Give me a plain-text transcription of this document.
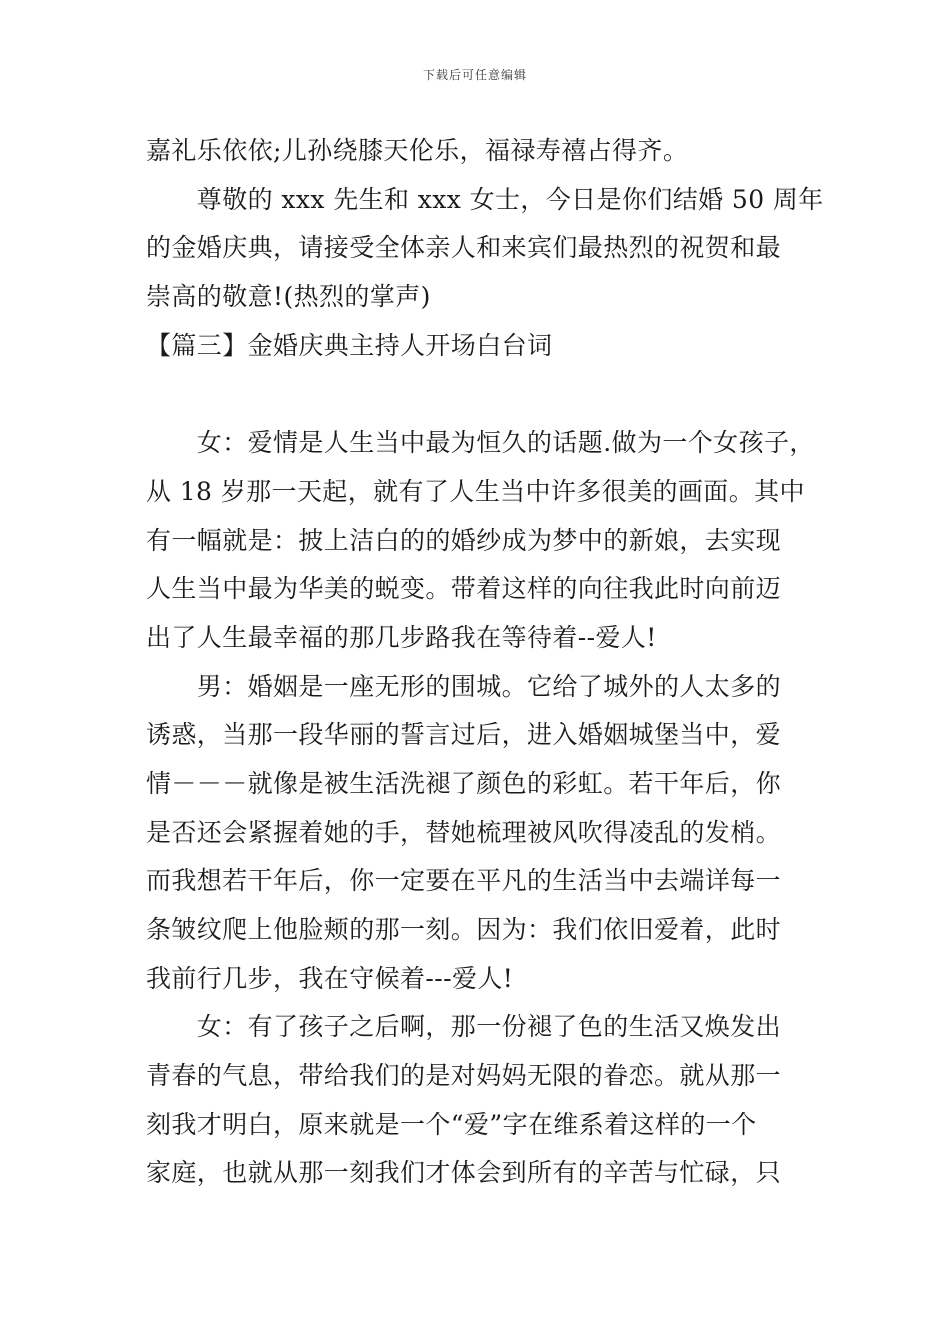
下载后可任意编辑
嘉礼乐依依;儿孙绕膝天伦乐，福禄寿禧占得齐。
　　尊敬的 xxx 先生和 xxx 女士，今日是你们结婚 50 周年
的金婚庆典，请接受全体亲人和来宾们最热烈的祝贺和最
崇高的敬意!(热烈的掌声)
【篇三】金婚庆典主持人开场白台词
　　女：爱情是人生当中最为恒久的话题.做为一个女孩子，
从 18 岁那一天起，就有了人生当中许多很美的画面。其中
有一幅就是：披上洁白的的婚纱成为梦中的新娘，去实现
人生当中最为华美的蜕变。带着这样的向往我此时向前迈
出了人生最幸福的那几步路我在等待着--爱人!
　　男：婚姻是一座无形的围城。它给了城外的人太多的
诱惑，当那一段华丽的誓言过后，进入婚姻城堡当中，爱
情－－－就像是被生活洗褪了颜色的彩虹。若干年后，你
是否还会紧握着她的手，替她梳理被风吹得凌乱的发梢。
而我想若干年后，你一定要在平凡的生活当中去端详每一
条皱纹爬上他脸颊的那一刻。因为：我们依旧爱着，此时
我前行几步，我在守候着---爱人!
　　女：有了孩子之后啊，那一份褪了色的生活又焕发出
青春的气息，带给我们的是对妈妈无限的眷恋。就从那一
刻我才明白，原来就是一个“爱”字在维系着这样的一个
家庭，也就从那一刻我们才体会到所有的辛苦与忙碌，只
